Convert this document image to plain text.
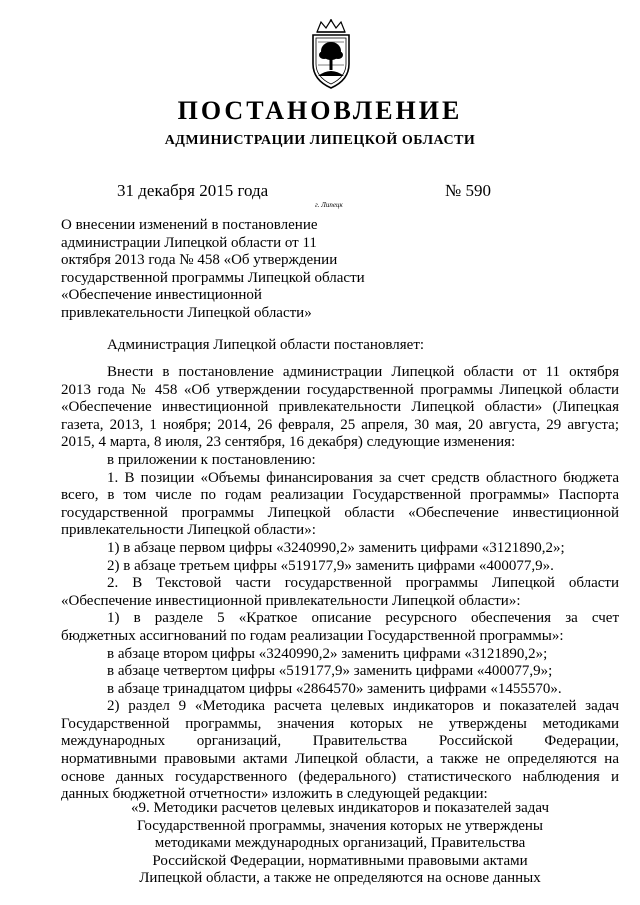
ПОСТАНОВЛЕНИЕ
АДМИНИСТРАЦИИ ЛИПЕЦКОЙ ОБЛАСТИ
31 декабря 2015 года	№ 590
г. Липецк
О внесении изменений в постановление
администрации Липецкой области от 11
октября 2013 года № 458 «Об утверждении
государственной программы Липецкой области
«Обеспечение инвестиционной
привлекательности Липецкой области»
Администрация Липецкой области постановляет:
Внести в постановление администрации Липецкой области от 11 октября
2013 года № 458 «Об утверждении государственной программы Липецкой области
«Обеспечение инвестиционной привлекательности Липецкой области» (Липецкая
газета, 2013, 1 ноября; 2014, 26 февраля, 25 апреля, 30 мая, 20 августа, 29 августа;
2015, 4 марта, 8 июля, 23 сентября, 16 декабря) следующие изменения:
в приложении к постановлению:
1. В позиции «Объемы финансирования за счет средств областного бюджета
всего, в том числе по годам реализации Государственной программы» Паспорта
государственной программы Липецкой области «Обеспечение инвестиционной
привлекательности Липецкой области»:
1) в абзаце первом цифры «3240990,2» заменить цифрами «3121890,2»;
2) в абзаце третьем цифры «519177,9» заменить цифрами «400077,9».
2. В Текстовой части государственной программы Липецкой области
«Обеспечение инвестиционной привлекательности Липецкой области»:
1) в разделе 5 «Краткое описание ресурсного обеспечения за счет
бюджетных ассигнований по годам реализации Государственной программы»:
в абзаце втором цифры «3240990,2» заменить цифрами «3121890,2»;
в абзаце четвертом цифры «519177,9» заменить цифрами «400077,9»;
в абзаце тринадцатом цифры «2864570» заменить цифрами «1455570».
2) раздел 9 «Методика расчета целевых индикаторов и показателей задач
Государственной программы, значения которых не утверждены методиками
международных организаций, Правительства Российской Федерации,
нормативными правовыми актами Липецкой области, а также не определяются на
основе данных государственного (федерального) статистического наблюдения и
данных бюджетной отчетности» изложить в следующей редакции:
«9. Методики расчетов целевых индикаторов и показателей задач
Государственной программы, значения которых не утверждены
методиками международных организаций, Правительства
Российской Федерации, нормативными правовыми актами
Липецкой области, а также не определяются на основе данных
